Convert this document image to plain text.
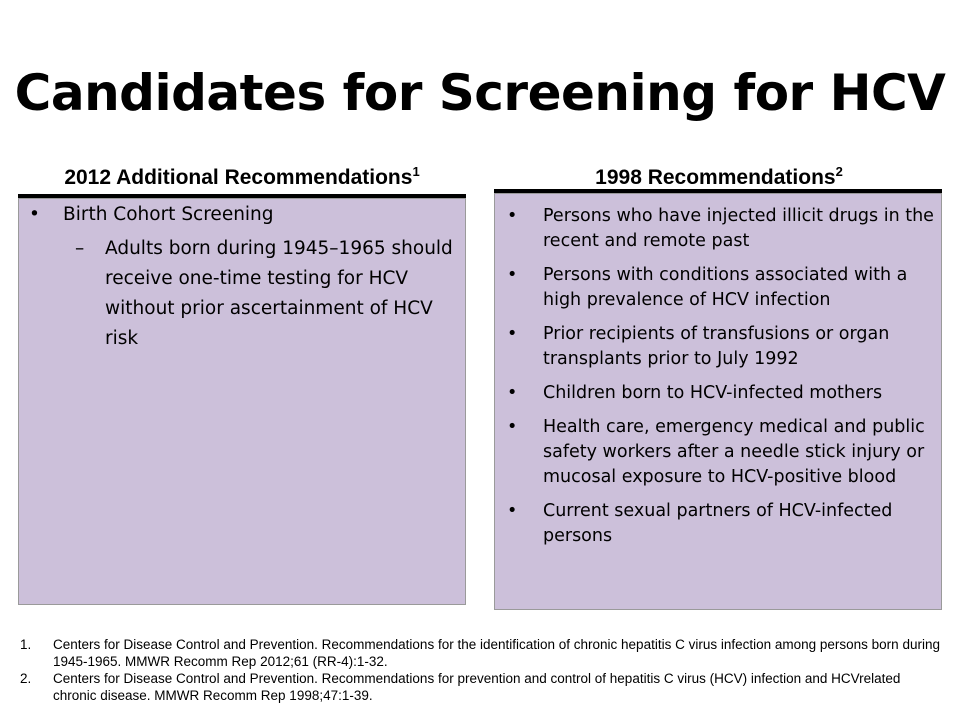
Candidates for Screening for HCV
2012 Additional Recommendations$^1$	1998 Recommendations$^2$
• Birth Cohort Screening
– Adults born during 1945–1965 should receive one-time testing for HCV without prior ascertainment of HCV risk
• Persons who have injected illicit drugs in the recent and remote past
• Persons with conditions associated with a high prevalence of HCV infection
• Prior recipients of transfusions or organ transplants prior to July 1992
• Children born to HCV-infected mothers
• Health care, emergency medical and public safety workers after a needle stick injury or mucosal exposure to HCV-positive blood
• Current sexual partners of HCV-infected persons
1. Centers for Disease Control and Prevention. Recommendations for the identification of chronic hepatitis C virus infection among persons born during 1945-1965. MMWR Recomm Rep 2012;61 (RR-4):1-32.
2. Centers for Disease Control and Prevention. Recommendations for prevention and control of hepatitis C virus (HCV) infection and HCVrelated chronic disease. MMWR Recomm Rep 1998;47:1-39.
